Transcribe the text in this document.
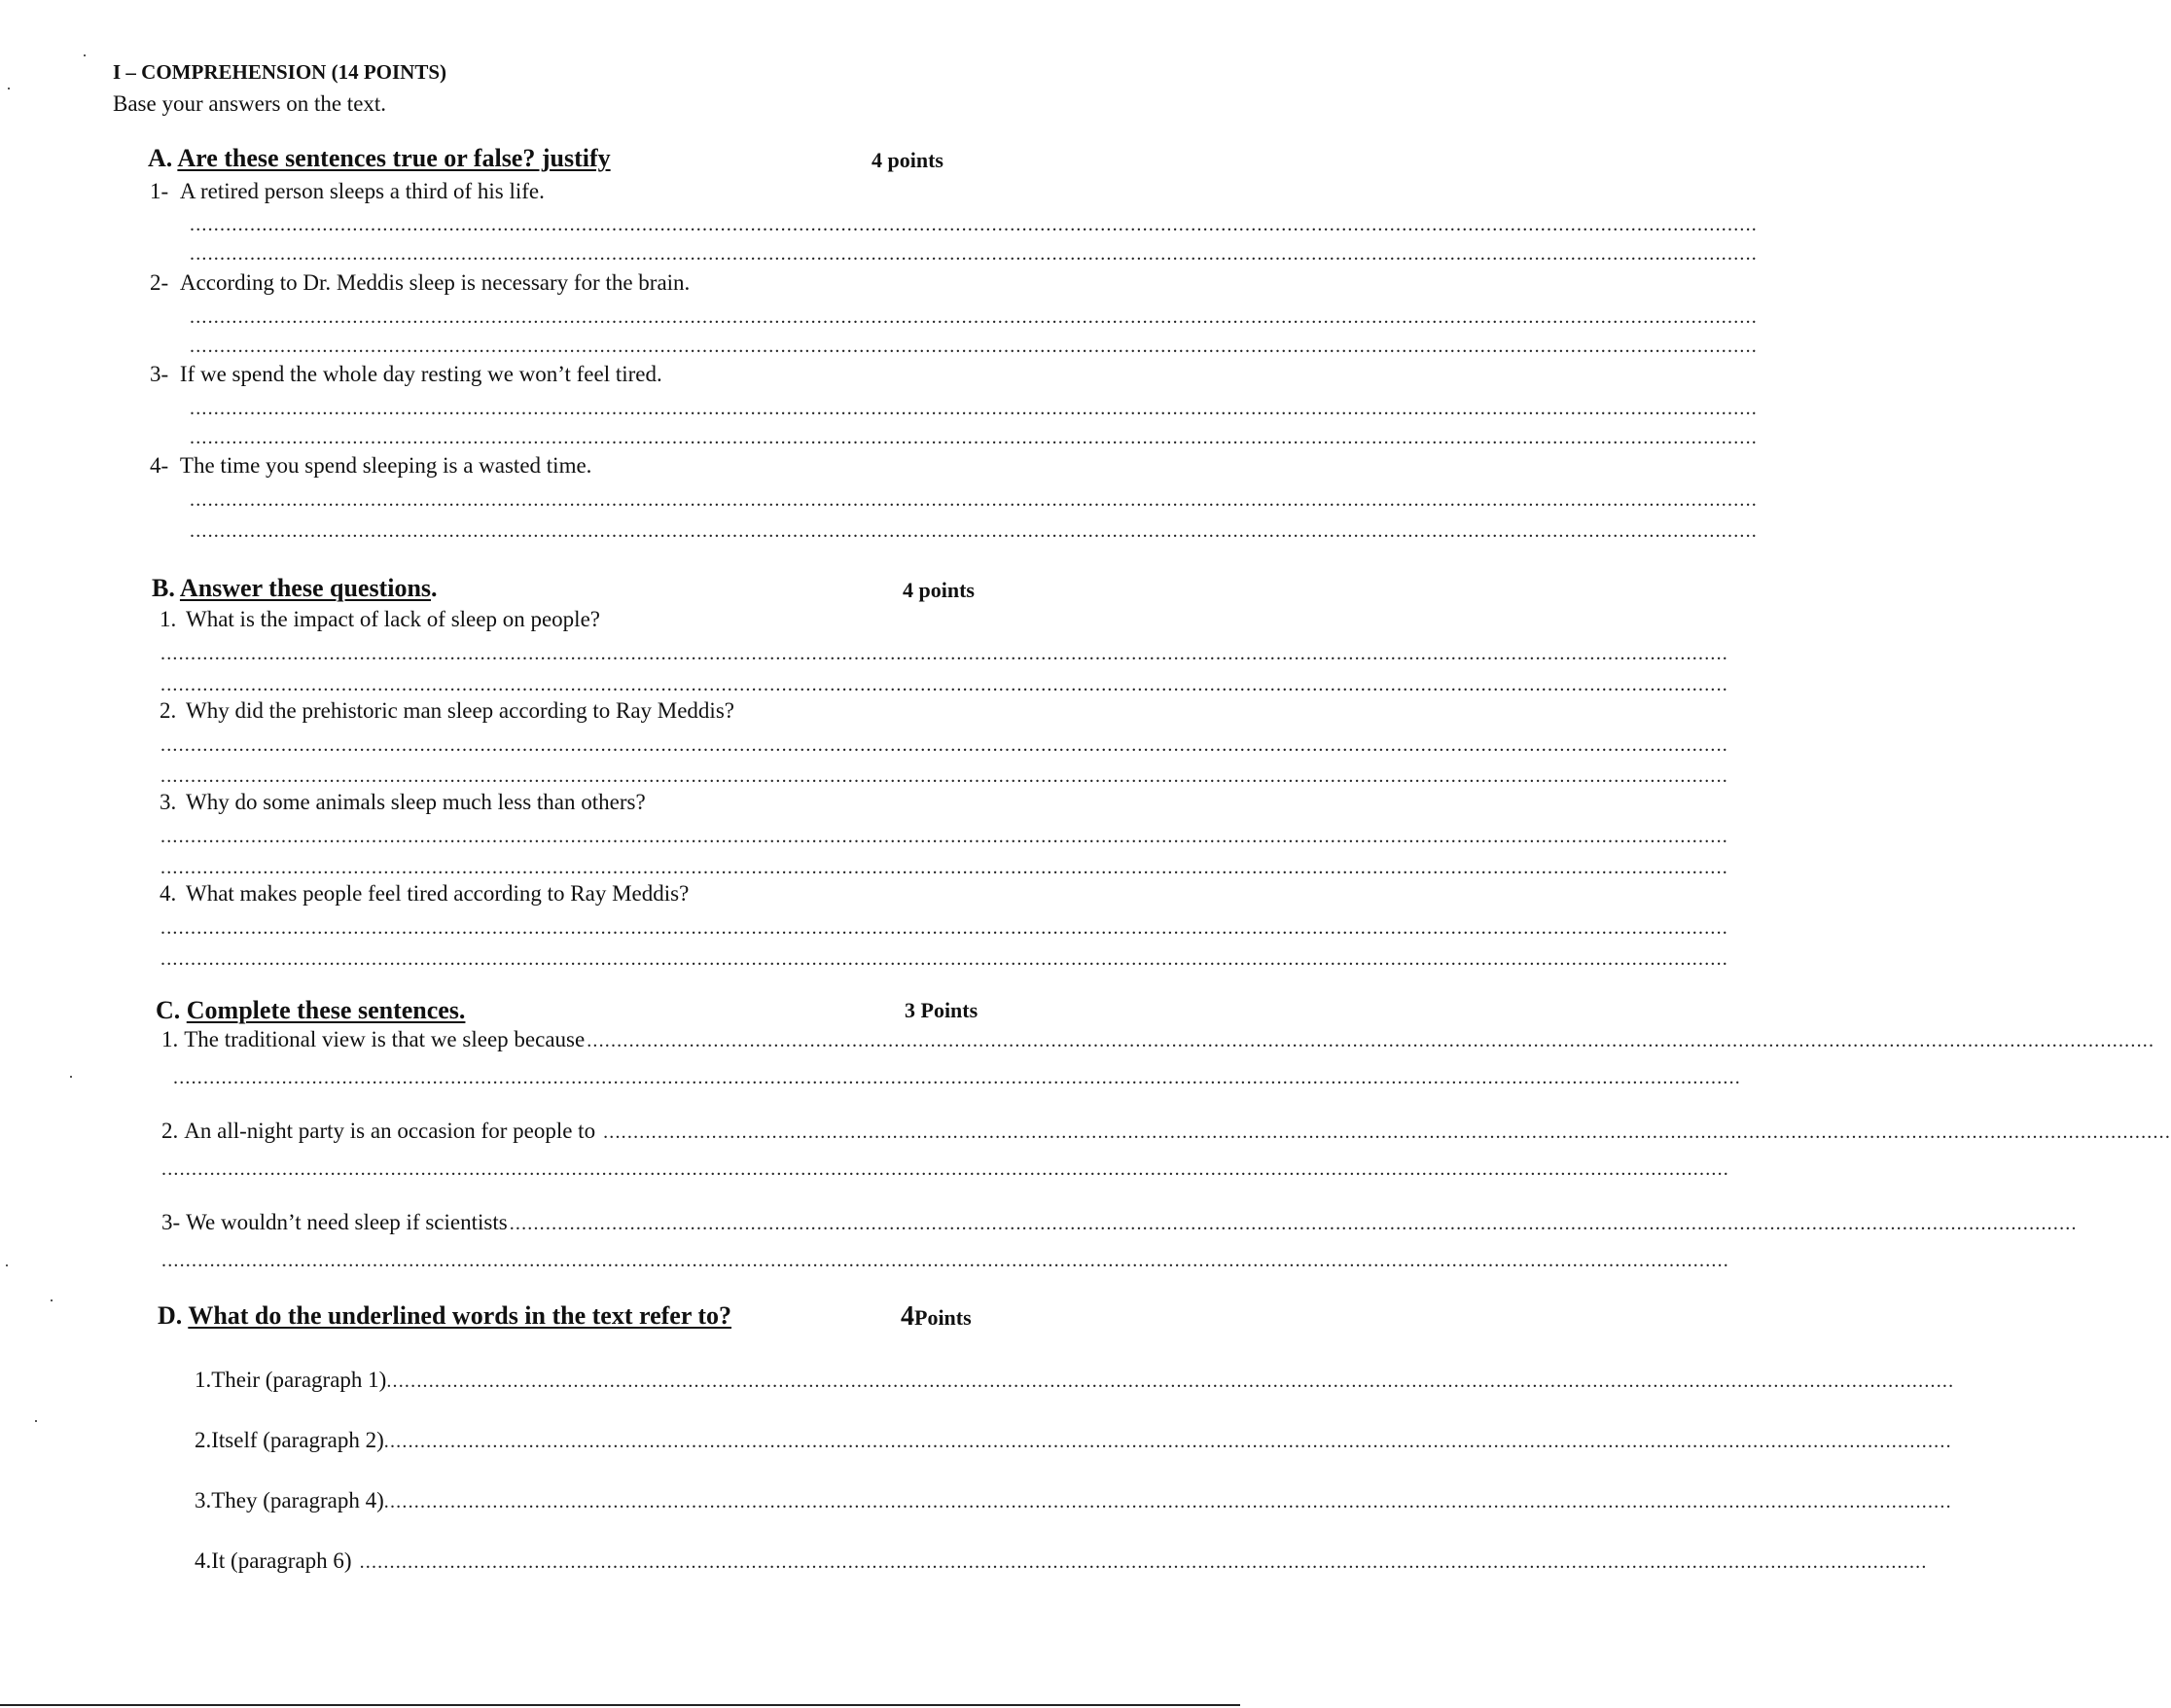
I – COMPREHENSION (14 POINTS)
Base your answers on the text.
A. Are these sentences true or false? justify	4 points
1- A retired person sleeps a third of his life.
....................................................................................................................................................................................................................................................................
....................................................................................................................................................................................................................................................................
2- According to Dr. Meddis sleep is necessary for the brain.
....................................................................................................................................................................................................................................................................
....................................................................................................................................................................................................................................................................
3- If we spend the whole day resting we won’t feel tired.
....................................................................................................................................................................................................................................................................
....................................................................................................................................................................................................................................................................
4- The time you spend sleeping is a wasted time.
....................................................................................................................................................................................................................................................................
....................................................................................................................................................................................................................................................................
B. Answer these questions.	4 points
1. What is the impact of lack of sleep on people?
....................................................................................................................................................................................................................................................................
....................................................................................................................................................................................................................................................................
2. Why did the prehistoric man sleep according to Ray Meddis?
....................................................................................................................................................................................................................................................................
....................................................................................................................................................................................................................................................................
3. Why do some animals sleep much less than others?
....................................................................................................................................................................................................................................................................
....................................................................................................................................................................................................................................................................
4. What makes people feel tired according to Ray Meddis?
....................................................................................................................................................................................................................................................................
....................................................................................................................................................................................................................................................................
C. Complete these sentences.	3 Points
1. The traditional view is that we sleep because ....................................................................................................................................................................................................................................................................
....................................................................................................................................................................................................................................................................
2. An all-night party is an occasion for people to ....................................................................................................................................................................................................................................................................
....................................................................................................................................................................................................................................................................
3- We wouldn’t need sleep if scientists ....................................................................................................................................................................................................................................................................
....................................................................................................................................................................................................................................................................
D. What do the underlined words in the text refer to?	4Points
1. Their (paragraph 1) ....................................................................................................................................................................................................................................................................
2. Itself (paragraph 2) ....................................................................................................................................................................................................................................................................
3. They (paragraph 4) ....................................................................................................................................................................................................................................................................
4. It (paragraph 6) ....................................................................................................................................................................................................................................................................
